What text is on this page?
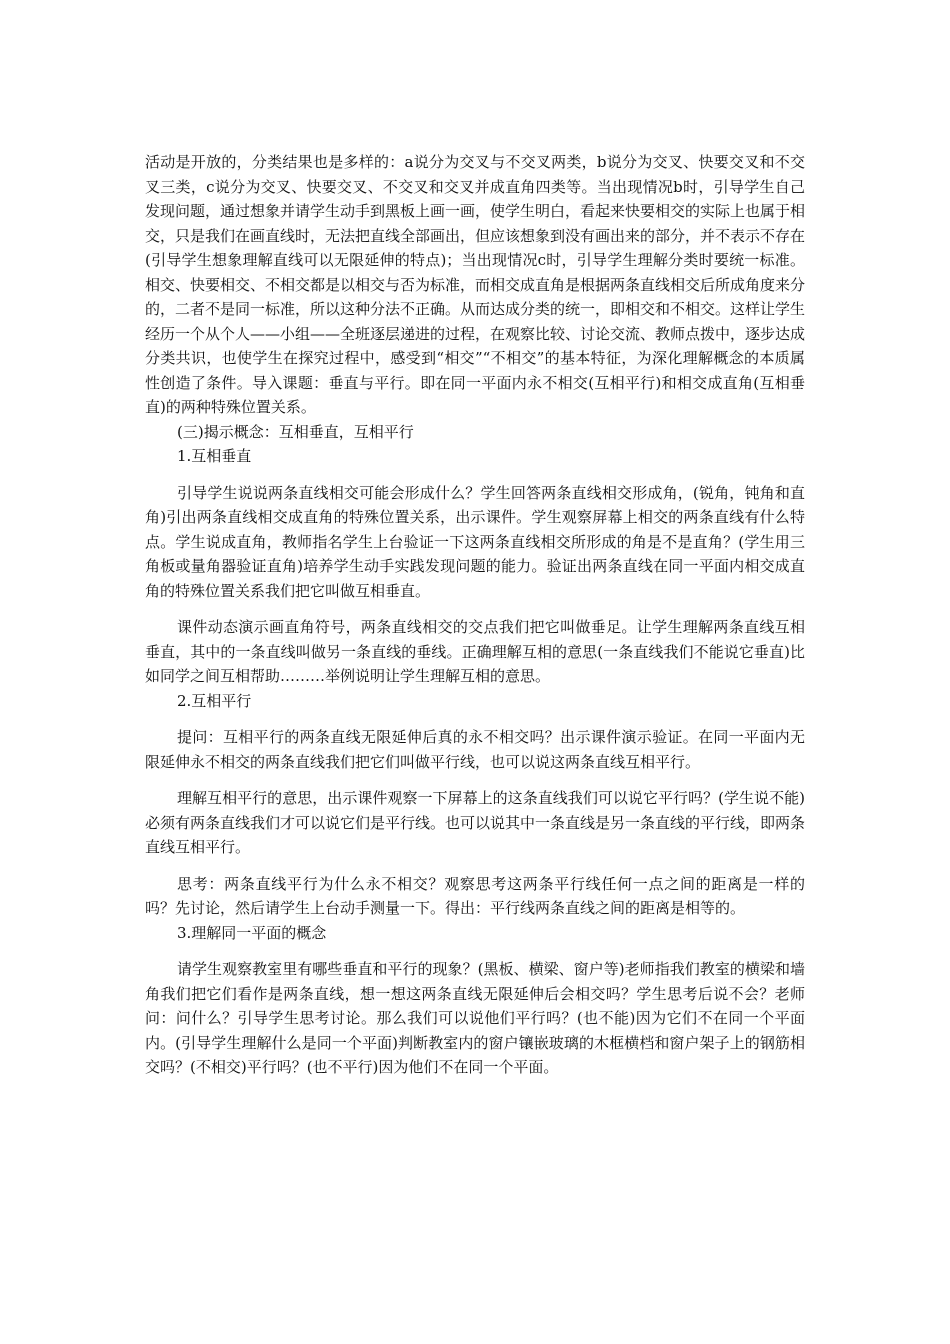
活动是开放的，分类结果也是多样的：a说分为交叉与不交叉两类，b说分为交叉、快要交叉和不交叉三类，c说分为交叉、快要交叉、不交叉和交叉并成直角四类等。当出现情况b时，引导学生自己发现问题，通过想象并请学生动手到黑板上画一画，使学生明白，看起来快要相交的实际上也属于相交，只是我们在画直线时，无法把直线全部画出，但应该想象到没有画出来的部分，并不表示不存在(引导学生想象理解直线可以无限延伸的特点)；当出现情况c时，引导学生理解分类时要统一标准。相交、快要相交、不相交都是以相交与否为标准，而相交成直角是根据两条直线相交后所成角度来分的，二者不是同一标准，所以这种分法不正确。从而达成分类的统一，即相交和不相交。这样让学生经历一个从个人——小组——全班逐层递进的过程，在观察比较、讨论交流、教师点拨中，逐步达成分类共识，也使学生在探究过程中，感受到“相交”“不相交”的基本特征，为深化理解概念的本质属性创造了条件。导入课题：垂直与平行。即在同一平面内永不相交(互相平行)和相交成直角(互相垂直)的两种特殊位置关系。

(三)揭示概念：互相垂直，互相平行

1.互相垂直

引导学生说说两条直线相交可能会形成什么？学生回答两条直线相交形成角，(锐角，钝角和直角)引出两条直线相交成直角的特殊位置关系，出示课件。学生观察屏幕上相交的两条直线有什么特点。学生说成直角，教师指名学生上台验证一下这两条直线相交所形成的角是不是直角？(学生用三角板或量角器验证直角)培养学生动手实践发现问题的能力。验证出两条直线在同一平面内相交成直角的特殊位置关系我们把它叫做互相垂直。

课件动态演示画直角符号，两条直线相交的交点我们把它叫做垂足。让学生理解两条直线互相垂直，其中的一条直线叫做另一条直线的垂线。正确理解互相的意思(一条直线我们不能说它垂直)比如同学之间互相帮助………举例说明让学生理解互相的意思。

2.互相平行

提问：互相平行的两条直线无限延伸后真的永不相交吗？出示课件演示验证。在同一平面内无限延伸永不相交的两条直线我们把它们叫做平行线，也可以说这两条直线互相平行。

理解互相平行的意思，出示课件观察一下屏幕上的这条直线我们可以说它平行吗？(学生说不能)必须有两条直线我们才可以说它们是平行线。也可以说其中一条直线是另一条直线的平行线，即两条直线互相平行。

思考：两条直线平行为什么永不相交？观察思考这两条平行线任何一点之间的距离是一样的吗？先讨论，然后请学生上台动手测量一下。得出：平行线两条直线之间的距离是相等的。

3.理解同一平面的概念

请学生观察教室里有哪些垂直和平行的现象？(黑板、横梁、窗户等)老师指我们教室的横梁和墙角我们把它们看作是两条直线，想一想这两条直线无限延伸后会相交吗？学生思考后说不会？老师问：问什么？引导学生思考讨论。那么我们可以说他们平行吗？(也不能)因为它们不在同一个平面内。(引导学生理解什么是同一个平面)判断教室内的窗户镶嵌玻璃的木框横档和窗户架子上的钢筋相交吗？(不相交)平行吗？(也不平行)因为他们不在同一个平面。
